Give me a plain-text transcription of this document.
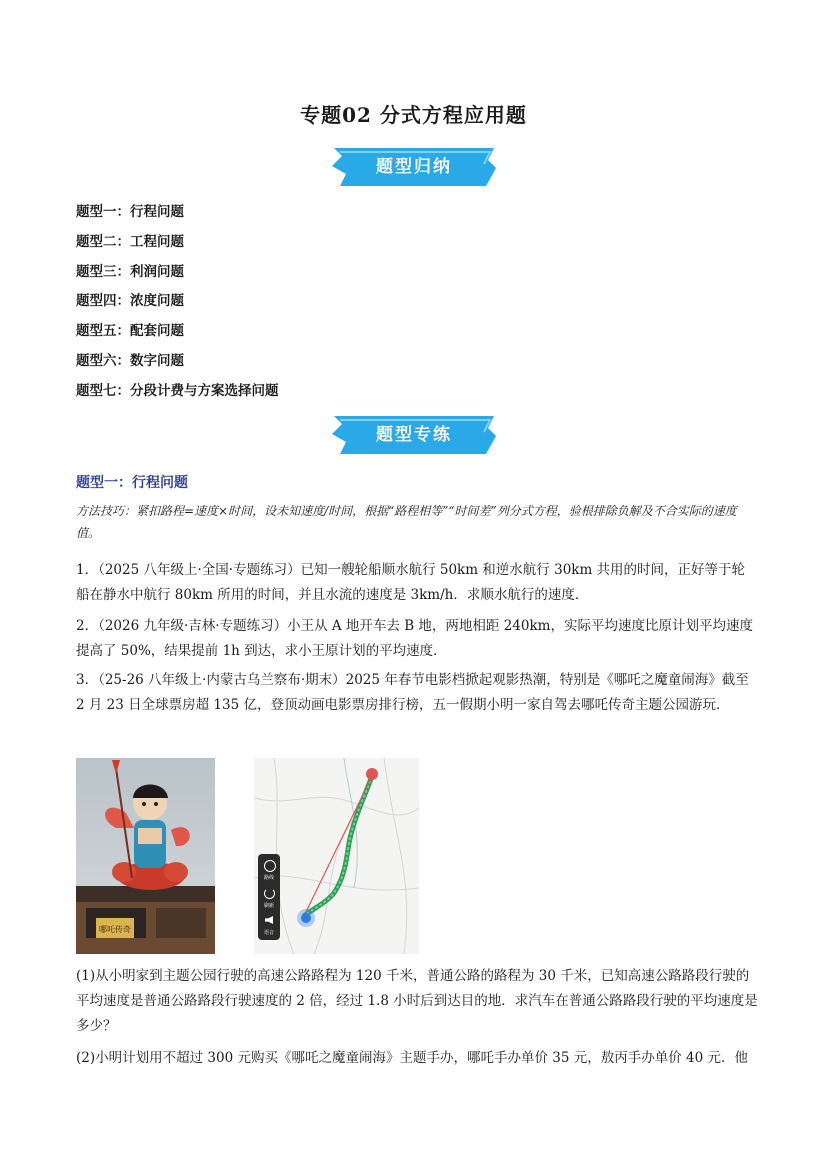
专题02 分式方程应用题
题型归纳
题型一：行程问题
题型二：工程问题
题型三：利润问题
题型四：浓度问题
题型五：配套问题
题型六：数字问题
题型七：分段计费与方案选择问题
题型专练
题型一：行程问题
方法技巧：紧扣路程=速度×时间，设未知速度/时间，根据“路程相等”“时间差”列分式方程，验根排除负解及不合实际的速度值。
1．（2025 八年级上·全国·专题练习）已知一艘轮船顺水航行 50km 和逆水航行 30km 共用的时间，正好等于轮船在静水中航行 80km 所用的时间，并且水流的速度是 3km/h．求顺水航行的速度．
2．（2026 九年级·吉林·专题练习）小王从 A 地开车去 B 地，两地相距 240km，实际平均速度比原计划平均速度提高了 50%，结果提前 1h 到达，求小王原计划的平均速度．
3．（25-26 八年级上·内蒙古乌兰察布·期末）2025 年春节电影档掀起观影热潮，特别是《哪吒之魔童闹海》截至 2 月 23 日全球票房超 135 亿，登顶动画电影票房排行榜，五一假期小明一家自驾去哪吒传奇主题公园游玩．
哪吒传奇
路线
刷新
语音
(1)从小明家到主题公园行驶的高速公路路程为 120 千米，普通公路的路程为 30 千米，已知高速公路路段行驶的平均速度是普通公路路段行驶速度的 2 倍，经过 1.8 小时后到达目的地．求汽车在普通公路路段行驶的平均速度是多少？
(2)小明计划用不超过 300 元购买《哪吒之魔童闹海》主题手办，哪吒手办单价 35 元，敖丙手办单价 40 元．他
